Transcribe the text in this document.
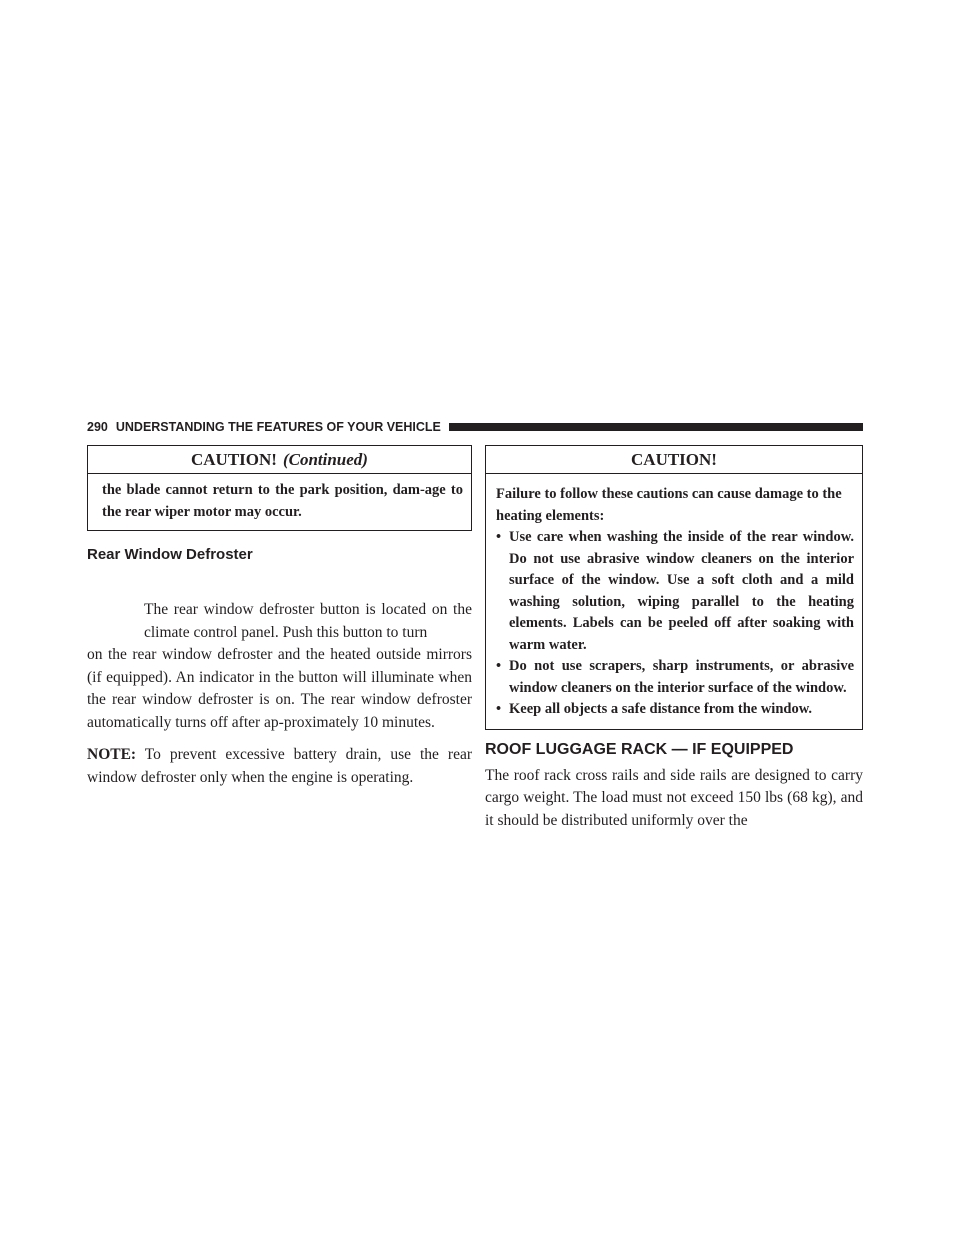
290 UNDERSTANDING THE FEATURES OF YOUR VEHICLE
CAUTION! (Continued)
the blade cannot return to the park position, dam-age to the rear wiper motor may occur.
Rear Window Defroster

The rear window defroster button is located on the climate control panel. Push this button to turn

on the rear window defroster and the heated outside mirrors (if equipped). An indicator in the button will illuminate when the rear window defroster is on. The rear window defroster automatically turns off after ap-proximately 10 minutes.

NOTE: To prevent excessive battery drain, use the rear window defroster only when the engine is operating.

CAUTION!
Failure to follow these cautions can cause damage to the heating elements:
• Use care when washing the inside of the rear window. Do not use abrasive window cleaners on the interior surface of the window. Use a soft cloth and a mild washing solution, wiping parallel to the heating elements. Labels can be peeled off after soaking with warm water.
• Do not use scrapers, sharp instruments, or abrasive window cleaners on the interior surface of the window.
• Keep all objects a safe distance from the window.
ROOF LUGGAGE RACK — IF EQUIPPED

The roof rack cross rails and side rails are designed to carry cargo weight. The load must not exceed 150 lbs (68 kg), and it should be distributed uniformly over the
